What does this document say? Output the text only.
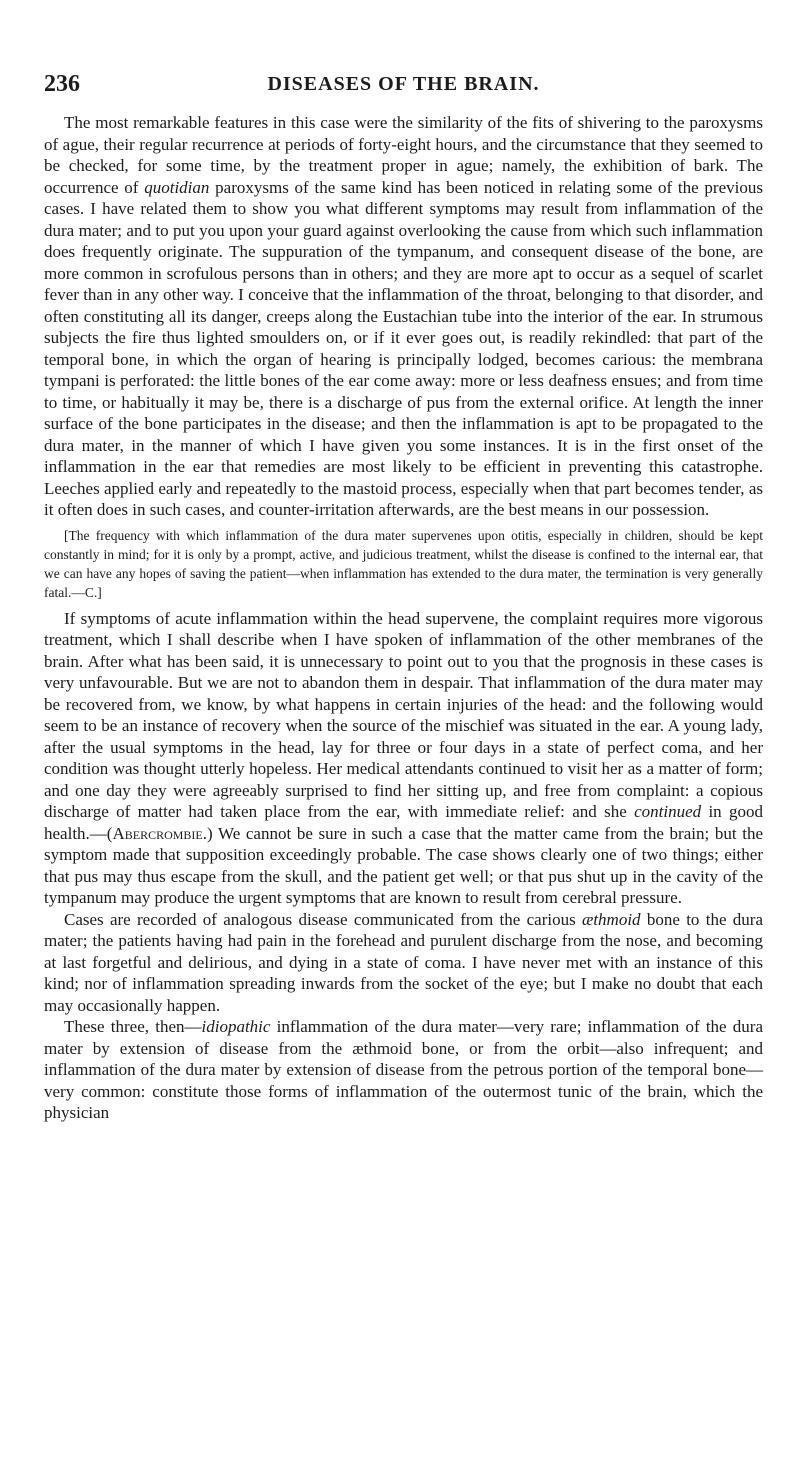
236	DISEASES OF THE BRAIN.

The most remarkable features in this case were the similarity of the fits of shivering to the paroxysms of ague, their regular recurrence at periods of forty-eight hours, and the circumstance that they seemed to be checked, for some time, by the treatment proper in ague; namely, the exhibition of bark. The occurrence of quotidian paroxysms of the same kind has been noticed in relating some of the previous cases. I have related them to show you what different symptoms may result from inflammation of the dura mater; and to put you upon your guard against overlooking the cause from which such inflammation does frequently originate. The suppuration of the tympanum, and consequent disease of the bone, are more common in scrofulous persons than in others; and they are more apt to occur as a sequel of scarlet fever than in any other way. I conceive that the inflammation of the throat, belonging to that disorder, and often constituting all its danger, creeps along the Eustachian tube into the interior of the ear. In strumous subjects the fire thus lighted smoulders on, or if it ever goes out, is readily rekindled: that part of the temporal bone, in which the organ of hearing is principally lodged, becomes carious: the membrana tympani is perforated: the little bones of the ear come away: more or less deafness ensues; and from time to time, or habitually it may be, there is a discharge of pus from the external orifice. At length the inner surface of the bone participates in the disease; and then the inflammation is apt to be propagated to the dura mater, in the manner of which I have given you some instances. It is in the first onset of the inflammation in the ear that remedies are most likely to be efficient in preventing this catastrophe. Leeches applied early and repeatedly to the mastoid process, especially when that part becomes tender, as it often does in such cases, and counter-irritation afterwards, are the best means in our possession.

[The frequency with which inflammation of the dura mater supervenes upon otitis, especially in children, should be kept constantly in mind; for it is only by a prompt, active, and judicious treatment, whilst the disease is confined to the internal ear, that we can have any hopes of saving the patient—when inflammation has extended to the dura mater, the termination is very generally fatal.—C.]

If symptoms of acute inflammation within the head supervene, the complaint requires more vigorous treatment, which I shall describe when I have spoken of inflammation of the other membranes of the brain. After what has been said, it is unnecessary to point out to you that the prognosis in these cases is very unfavourable. But we are not to abandon them in despair. That inflammation of the dura mater may be recovered from, we know, by what happens in certain injuries of the head: and the following would seem to be an instance of recovery when the source of the mischief was situated in the ear. A young lady, after the usual symptoms in the head, lay for three or four days in a state of perfect coma, and her condition was thought utterly hopeless. Her medical attendants continued to visit her as a matter of form; and one day they were agreeably surprised to find her sitting up, and free from complaint: a copious discharge of matter had taken place from the ear, with immediate relief: and she continued in good health.—(Abercrombie.) We cannot be sure in such a case that the matter came from the brain; but the symptom made that supposition exceedingly probable. The case shows clearly one of two things; either that pus may thus escape from the skull, and the patient get well; or that pus shut up in the cavity of the tympanum may produce the urgent symptoms that are known to result from cerebral pressure.

Cases are recorded of analogous disease communicated from the carious æthmoid bone to the dura mater; the patients having had pain in the forehead and purulent discharge from the nose, and becoming at last forgetful and delirious, and dying in a state of coma. I have never met with an instance of this kind; nor of inflammation spreading inwards from the socket of the eye; but I make no doubt that each may occasionally happen.

These three, then—idiopathic inflammation of the dura mater—very rare; inflammation of the dura mater by extension of disease from the æthmoid bone, or from the orbit—also infrequent; and inflammation of the dura mater by extension of disease from the petrous portion of the temporal bone—very common: constitute those forms of inflammation of the outermost tunic of the brain, which the physician
